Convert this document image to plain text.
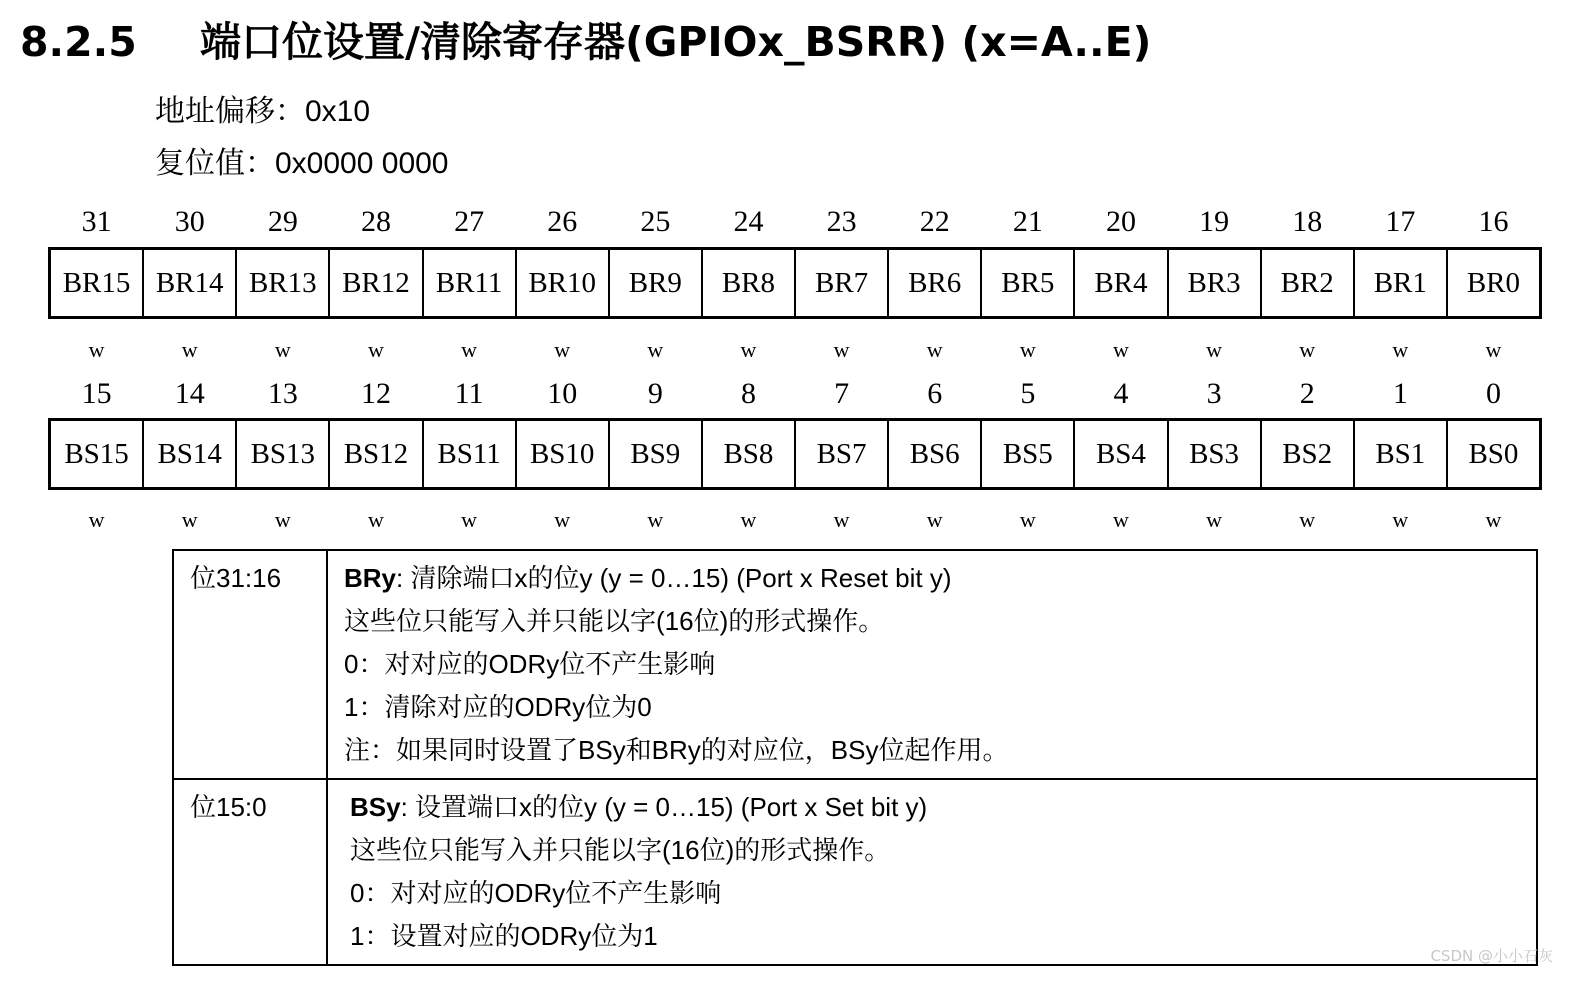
8.2.5 端口位设置/清除寄存器(GPIOx_BSRR) (x=A..E)
地址偏移：0x10
复位值：0x0000 0000
31	30	29	28	27	26	25	24	23	22	21	20	19	18	17	16
BR15 BR14 BR13 BR12 BR11 BR10	BR9	BR8	BR7	BR6	BR5	BR4	BR3	BR2	BR1	BR0
w	w	w	w	w	w	w	w	w	w	w	w	w	w	w	w
15	14	13	12	11	10	9	8	7	6	5	4	3	2	1	0
BS15 BS14 BS13 BS12	BS11	BS10	BS9	BS8	BS7	BS6	BS5	BS4	BS3	BS2	BS1	BS0
w	w	w	w	w	w	w	w	w	w	w	w	w	w	w	w
位31:16	BRy: 清除端口x的位y (y = 0…15) (Port x Reset bit y)
这些位只能写入并只能以字(16位)的形式操作。
0：对对应的ODRy位不产生影响
1：清除对应的ODRy位为0
注：如果同时设置了BSy和BRy的对应位，BSy位起作用。

位15:0	BSy: 设置端口x的位y (y = 0…15) (Port x Set bit y)
这些位只能写入并只能以字(16位)的形式操作。
0：对对应的ODRy位不产生影响
1：设置对应的ODRy位为1
CSDN @小小石灰
